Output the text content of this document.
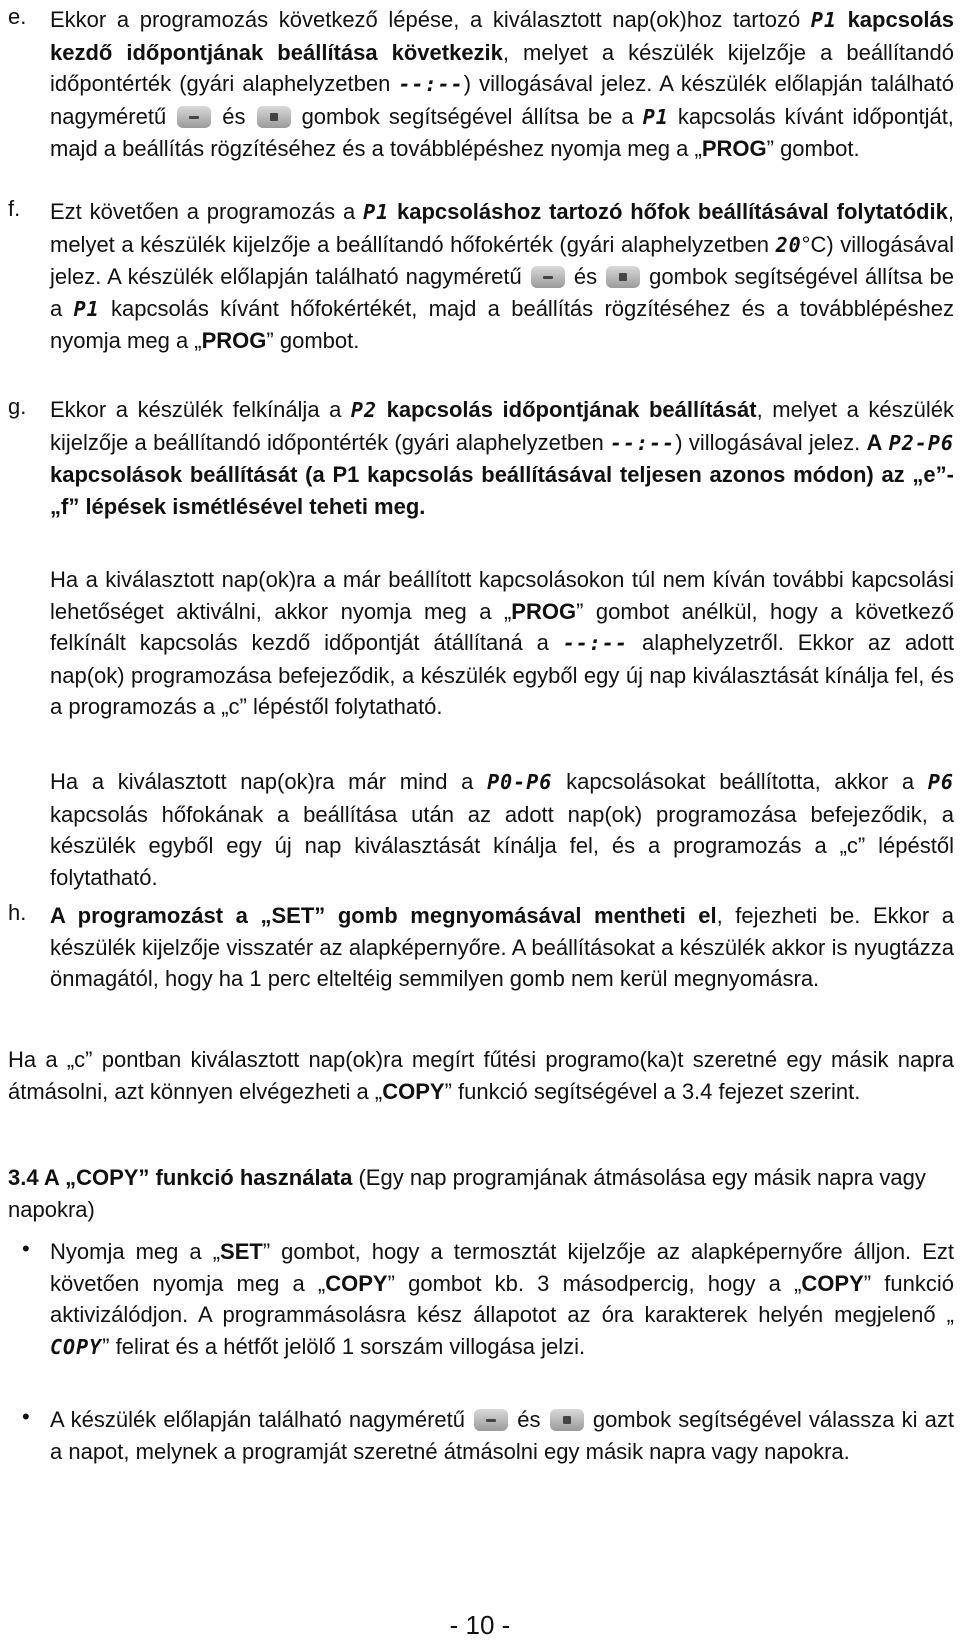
e.	Ekkor a programozás következő lépése, a kiválasztott nap(ok)hoz tartozó P1 kapcsolás kezdő időpontjának beállítása következik, melyet a készülék kijelzője a beállítandó időpontérték (gyári alaphelyzetben --:--) villogásával jelez. A készülék előlapján található nagyméretű	és	gombok segítségével állítsa be a P1 kapcsolás kívánt időpontját, majd a beállítás rögzítéséhez és a továbblépéshez nyomja meg a „PROG” gombot.

f.	Ezt követően a programozás a P1 kapcsoláshoz tartozó hőfok beállításával folytatódik, melyet a készülék kijelzője a beállítandó hőfokérték (gyári alaphelyzetben 20°C) villogásával jelez. A készülék előlapján található nagyméretű és gombok segítségével állítsa be a P1 kapcsolás kívánt hőfokértékét, majd a beállítás rögzítéséhez és a továbblépéshez nyomja meg a „PROG” gombot.

g.	Ekkor a készülék felkínálja a P2 kapcsolás időpontjának beállítását, melyet a készülék kijelzője a beállítandó időpontérték (gyári alaphelyzetben --:--) villogásával jelez. A P2-P6 kapcsolások beállítását (a P1 kapcsolás beállításával teljesen azonos módon) az „e”-„f” lépések ismétlésével teheti meg.

Ha a kiválasztott nap(ok)ra a már beállított kapcsolásokon túl nem kíván további kapcsolási lehetőséget aktiválni, akkor nyomja meg a „PROG” gombot anélkül, hogy a következő felkínált kapcsolás kezdő időpontját átállítaná a --:-- alaphelyzetről. Ekkor az adott nap(ok) programozása befejeződik, a készülék egyből egy új nap kiválasztását kínálja fel, és a programozás a „c” lépéstől folytatható.

Ha a kiválasztott nap(ok)ra már mind a P0-P6 kapcsolásokat beállította, akkor a P6 kapcsolás hőfokának a beállítása után az adott nap(ok) programozása befejeződik, a készülék egyből egy új nap kiválasztását kínálja fel, és a programozás a „c” lépéstől folytatható.

h.	A programozást a „SET” gomb megnyomásával mentheti el, fejezheti be. Ekkor a készülék kijelzője visszatér az alapképernyőre. A beállításokat a készülék akkor is nyugtázza önmagától, hogy ha 1 perc elteltéig semmilyen gomb nem kerül megnyomásra.

Ha a „c” pontban kiválasztott nap(ok)ra megírt fűtési programo(ka)t szeretné egy másik napra átmásolni, azt könnyen elvégezheti a „COPY” funkció segítségével a 3.4 fejezet szerint.

3.4 A „COPY” funkció használata (Egy nap programjának átmásolása egy másik napra vagy napokra)

• Nyomja meg a „SET” gombot, hogy a termosztát kijelzője az alapképernyőre álljon. Ezt követően nyomja meg a „COPY” gombot kb. 3 másodpercig, hogy a „COPY” funkció aktivizálódjon. A programmásolásra kész állapotot az óra karakterek helyén megjelenő „COPY” felirat és a hétfőt jelölő 1 sorszám villogása jelzi.

• A készülék előlapján található nagyméretű és gombok segítségével válassza ki azt a napot, melynek a programját szeretné átmásolni egy másik napra vagy napokra.

- 10 -
